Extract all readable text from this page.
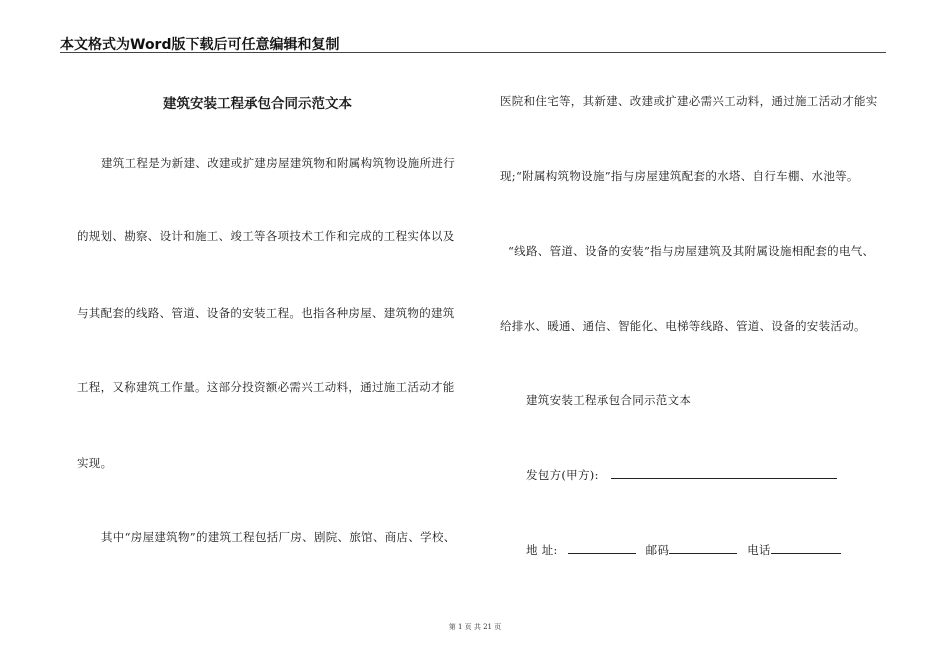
本文格式为Word版下载后可任意编辑和复制
建筑安装工程承包合同示范文本
建筑工程是为新建、改建或扩建房屋建筑物和附属构筑物设施所进行
的规划、勘察、设计和施工、竣工等各项技术工作和完成的工程实体以及
与其配套的线路、管道、设备的安装工程。也指各种房屋、建筑物的建筑
工程，又称建筑工作量。这部分投资额必需兴工动料，通过施工活动才能
实现。
其中“房屋建筑物”的建筑工程包括厂房、剧院、旅馆、商店、学校、
医院和住宅等，其新建、改建或扩建必需兴工动料，通过施工活动才能实
现;“附属构筑物设施”指与房屋建筑配套的水塔、自行车棚、水池等。
“线路、管道、设备的安装”指与房屋建筑及其附属设施相配套的电气、
给排水、暖通、通信、智能化、电梯等线路、管道、设备的安装活动。
建筑安装工程承包合同示范文本
发包方(甲方):
地 址:	邮码	电话
第 1 页 共 21 页
